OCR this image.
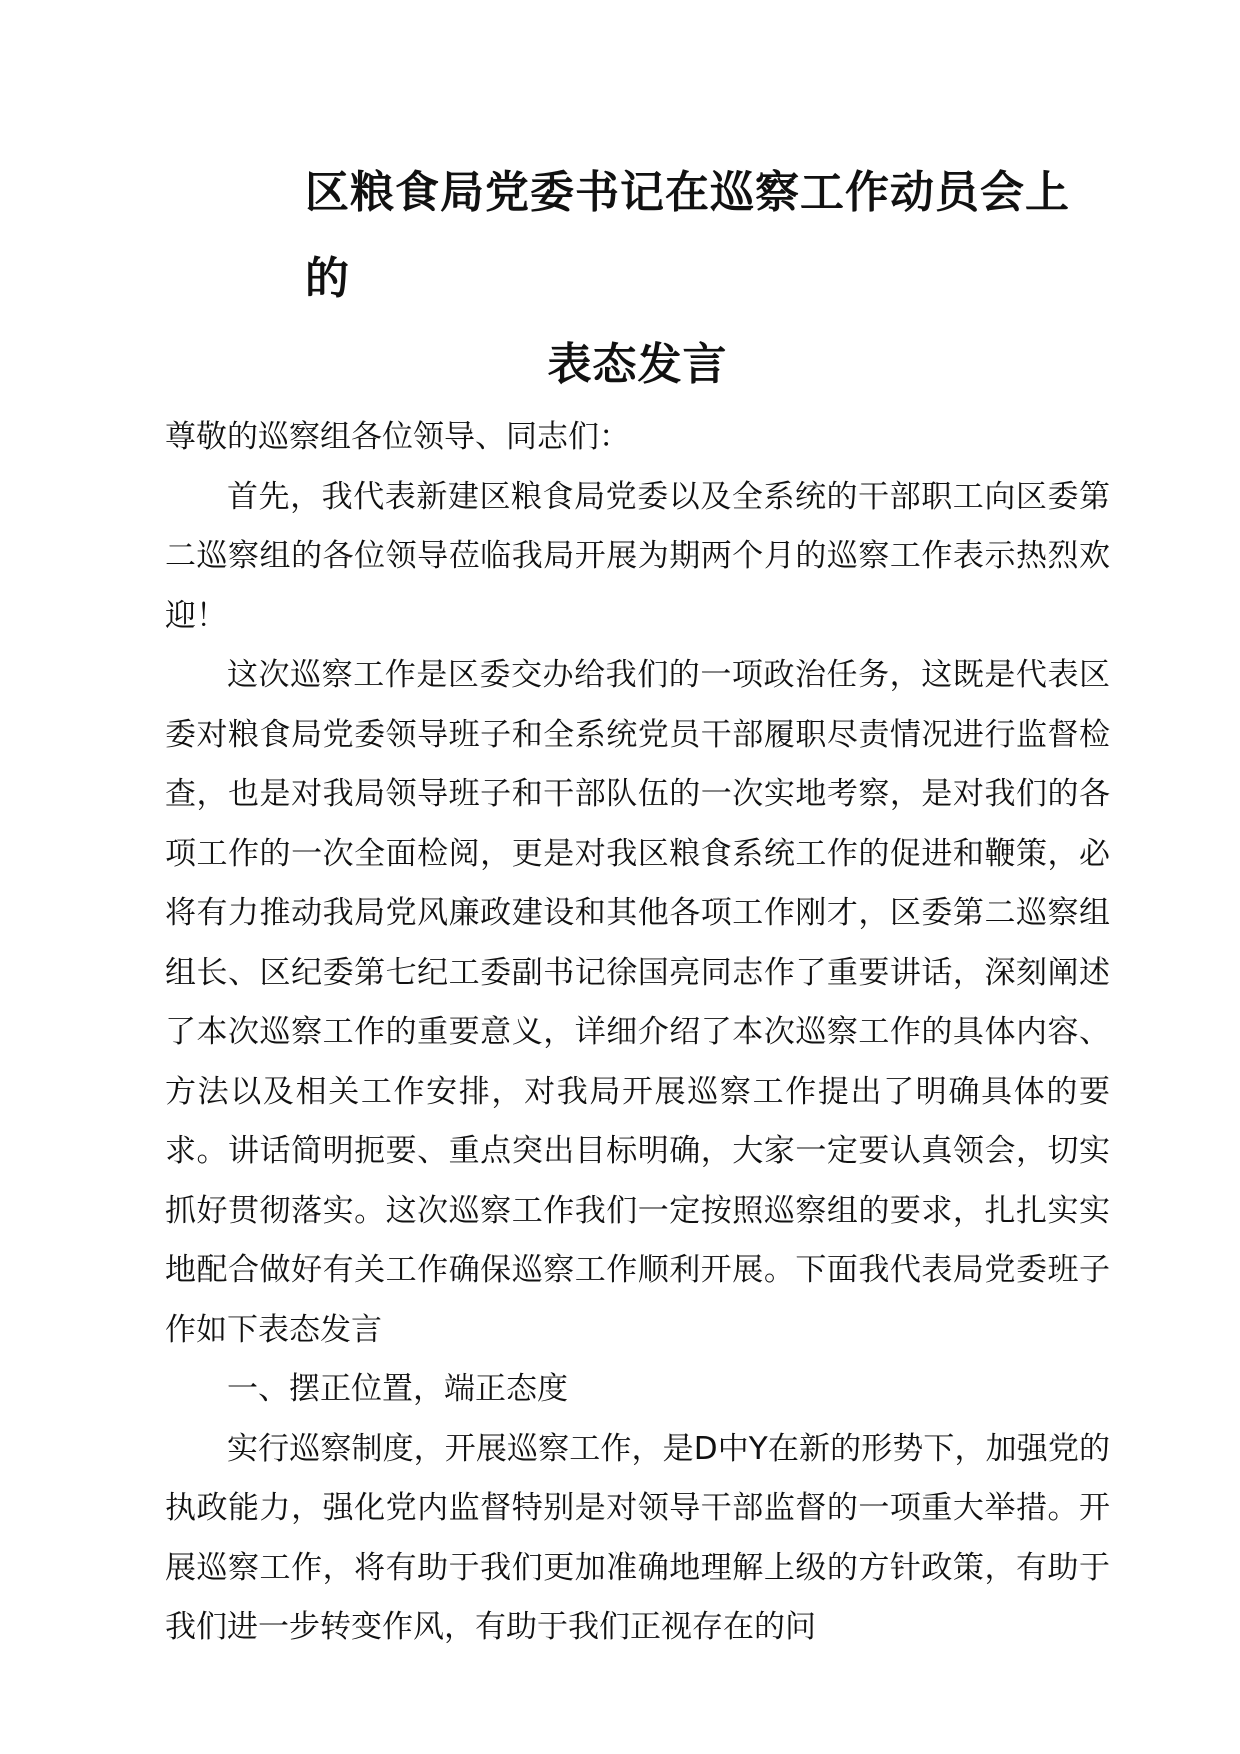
区粮食局党委书记在巡察工作动员会上的
表态发言

尊敬的巡察组各位领导、同志们：

首先，我代表新建区粮食局党委以及全系统的干部职工向区委第二巡察组的各位领导莅临我局开展为期两个月的巡察工作表示热烈欢迎！

这次巡察工作是区委交办给我们的一项政治任务，这既是代表区委对粮食局党委领导班子和全系统党员干部履职尽责情况进行监督检查，也是对我局领导班子和干部队伍的一次实地考察，是对我们的各项工作的一次全面检阅，更是对我区粮食系统工作的促进和鞭策，必将有力推动我局党风廉政建设和其他各项工作刚才，区委第二巡察组组长、区纪委第七纪工委副书记徐国亮同志作了重要讲话，深刻阐述了本次巡察工作的重要意义，详细介绍了本次巡察工作的具体内容、方法以及相关工作安排，对我局开展巡察工作提出了明确具体的要求。讲话简明扼要、重点突出目标明确，大家一定要认真领会，切实抓好贯彻落实。这次巡察工作我们一定按照巡察组的要求，扎扎实实地配合做好有关工作确保巡察工作顺利开展。下面我代表局党委班子作如下表态发言

一、摆正位置，端正态度

实行巡察制度，开展巡察工作，是D中Y在新的形势下，加强党的执政能力，强化党内监督特别是对领导干部监督的一项重大举措。开展巡察工作，将有助于我们更加准确地理解上级的方针政策，有助于我们进一步转变作风，有助于我们正视存在的问
